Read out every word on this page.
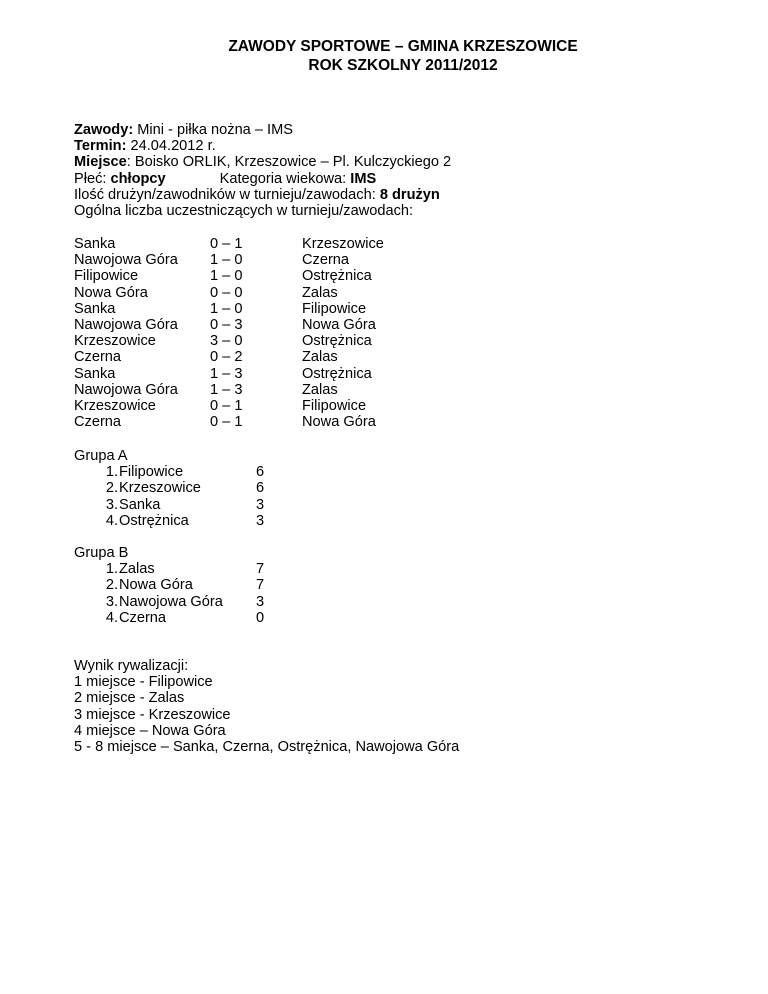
ZAWODY SPORTOWE – GMINA KRZESZOWICE
ROK SZKOLNY 2011/2012
Zawody: Mini - piłka nożna – IMS
Termin: 24.04.2012 r.
Miejsce: Boisko ORLIK, Krzeszowice – Pl. Kulczyckiego 2
Płeć: chłopcy	Kategoria wiekowa: IMS
Ilość drużyn/zawodników w turnieju/zawodach: 8 drużyn
Ogólna liczba uczestniczących w turnieju/zawodach:
Sanka	0 – 1	Krzeszowice
Nawojowa Góra 1 – 0	Czerna
Filipowice	1 – 0	Ostrężnica
Nowa Góra	0 – 0	Zalas
Sanka	1 – 0	Filipowice
Nawojowa Góra 0 – 3	Nowa Góra
Krzeszowice	3 – 0	Ostrężnica
Czerna	0 – 2	Zalas
Sanka	1 – 3	Ostrężnica
Nawojowa Góra 1 – 3	Zalas
Krzeszowice	0 – 1	Filipowice
Czerna	0 – 1	Nowa Góra
Grupa A
1. Filipowice	6
2. Krzeszowice	6
3. Sanka	3
4. Ostrężnica	3
Grupa B
1. Zalas	7
2. Nowa Góra	7
3. Nawojowa Góra 3
4. Czerna	0
Wynik rywalizacji:
1 miejsce - Filipowice
2 miejsce - Zalas
3 miejsce - Krzeszowice
4 miejsce – Nowa Góra
5 - 8 miejsce – Sanka, Czerna, Ostrężnica, Nawojowa Góra
